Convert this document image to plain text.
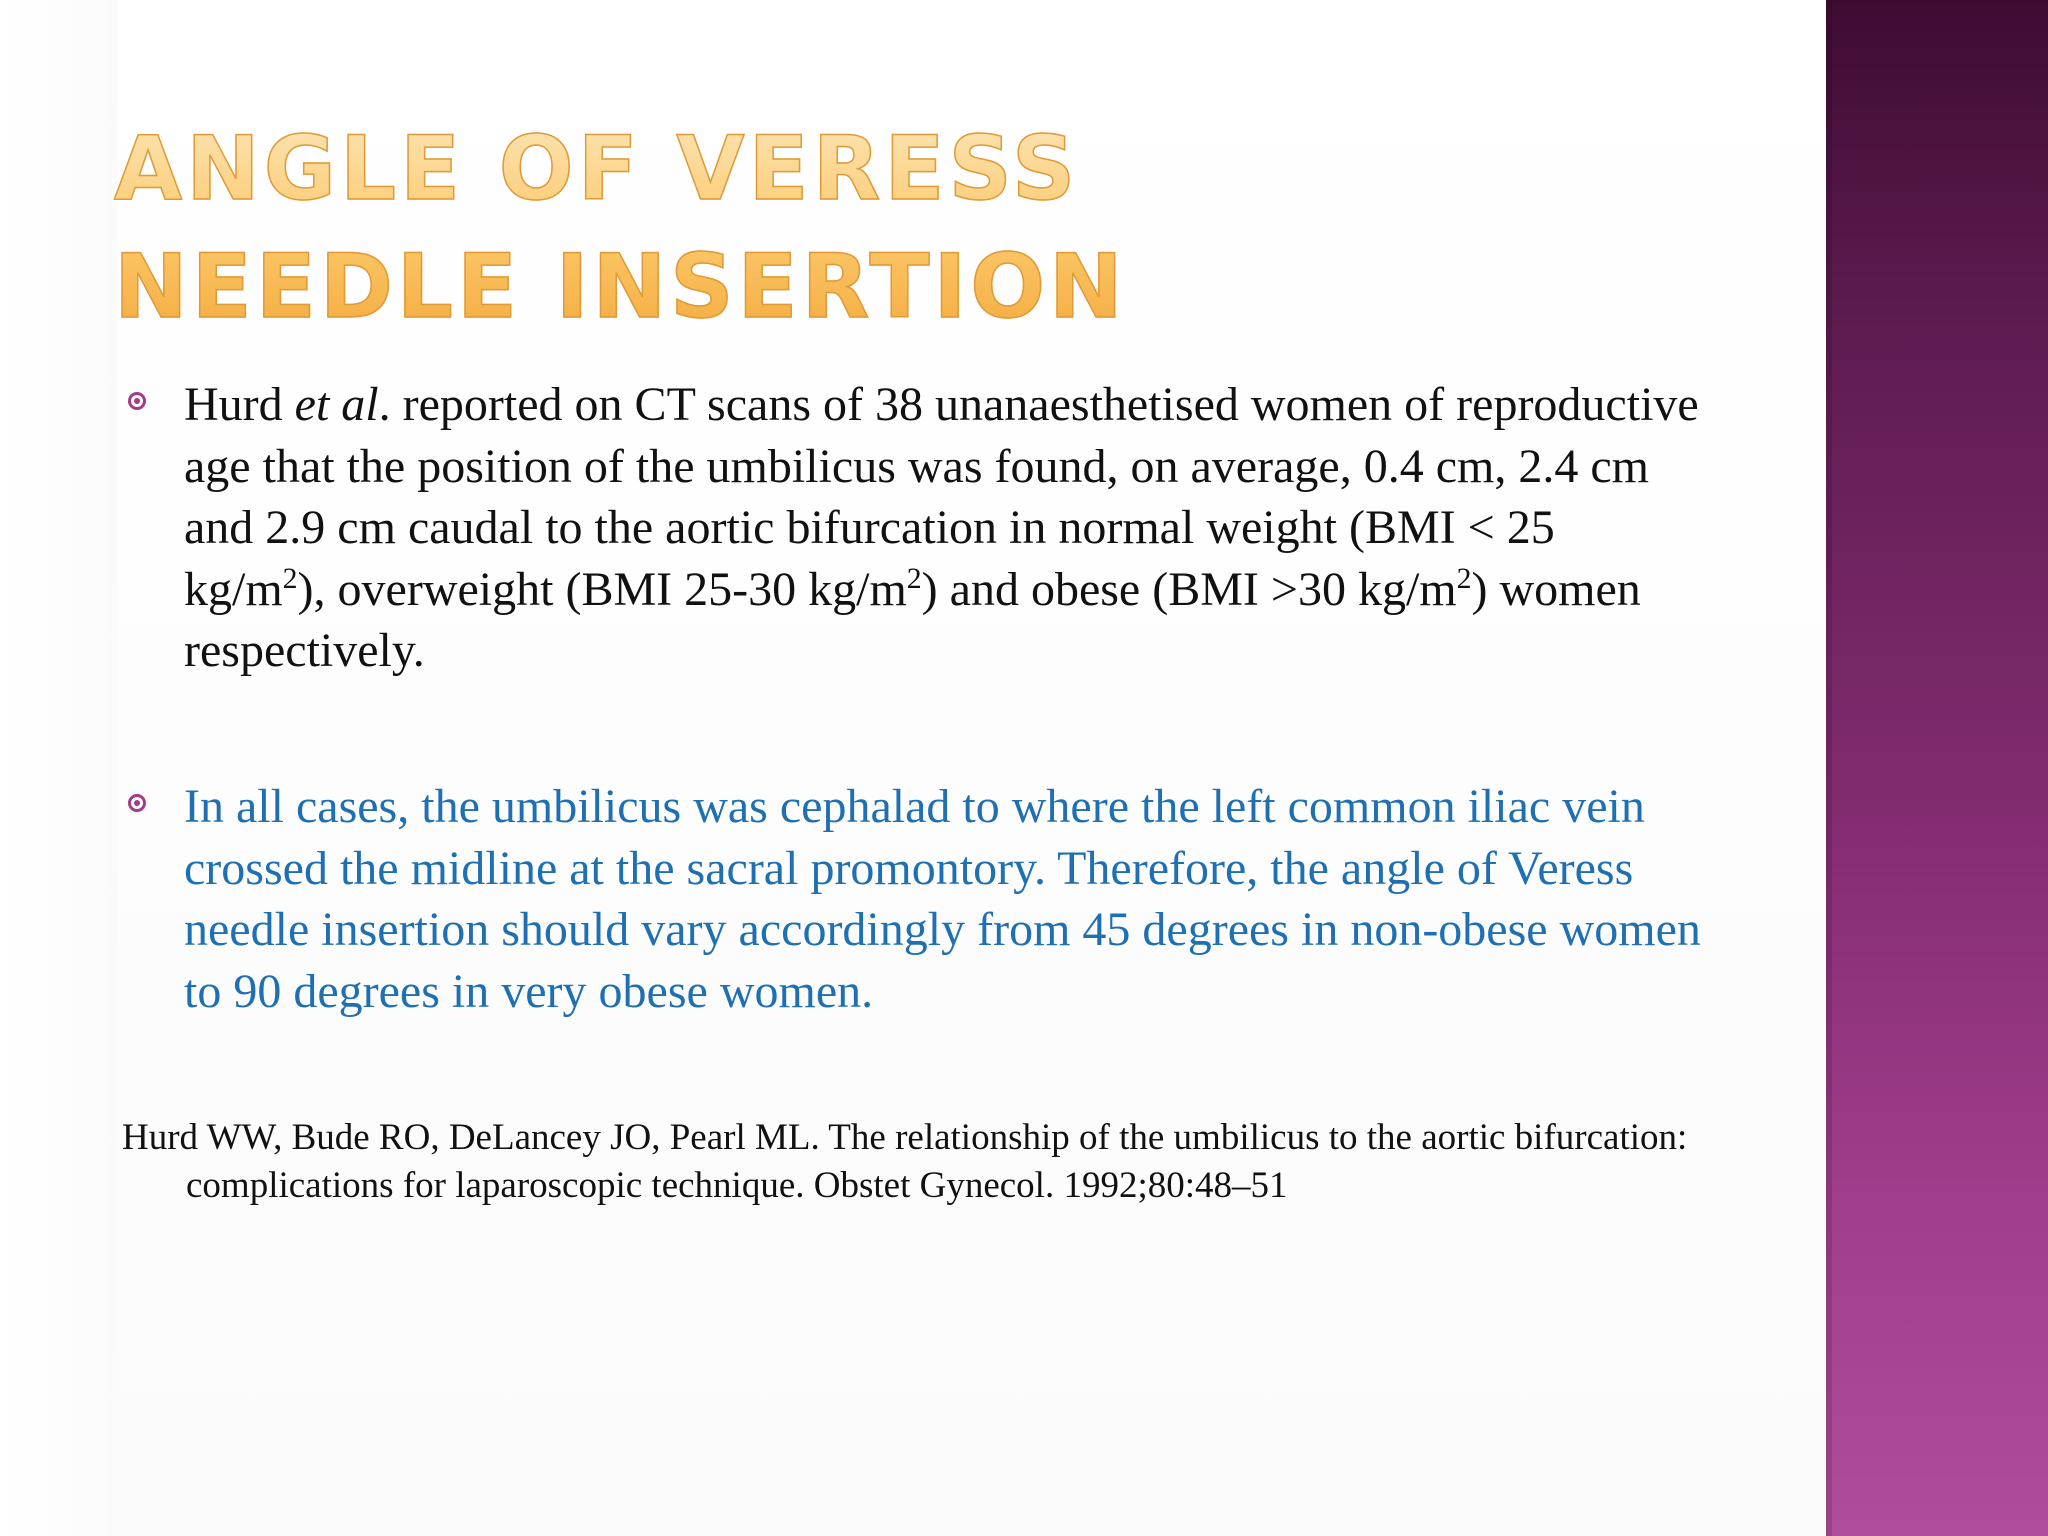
ANGLE OF VERESS NEEDLE INSERTION
Hurd et al. reported on CT scans of 38 unanaesthetised women of reproductive age that the position of the umbilicus was found, on average, 0.4 cm, 2.4 cm and 2.9 cm caudal to the aortic bifurcation in normal weight (BMI < 25 $kg/m^2$), overweight (BMI 25-30 $kg/m^2$) and obese (BMI >30 $kg/m^2$) women respectively.
In all cases, the umbilicus was cephalad to where the left common iliac vein crossed the midline at the sacral promontory. Therefore, the angle of Veress needle insertion should vary accordingly from 45 degrees in non-obese women to 90 degrees in very obese women.
Hurd WW, Bude RO, DeLancey JO, Pearl ML. The relationship of the umbilicus to the aortic bifurcation: complications for laparoscopic technique. Obstet Gynecol. 1992;80:48–51
